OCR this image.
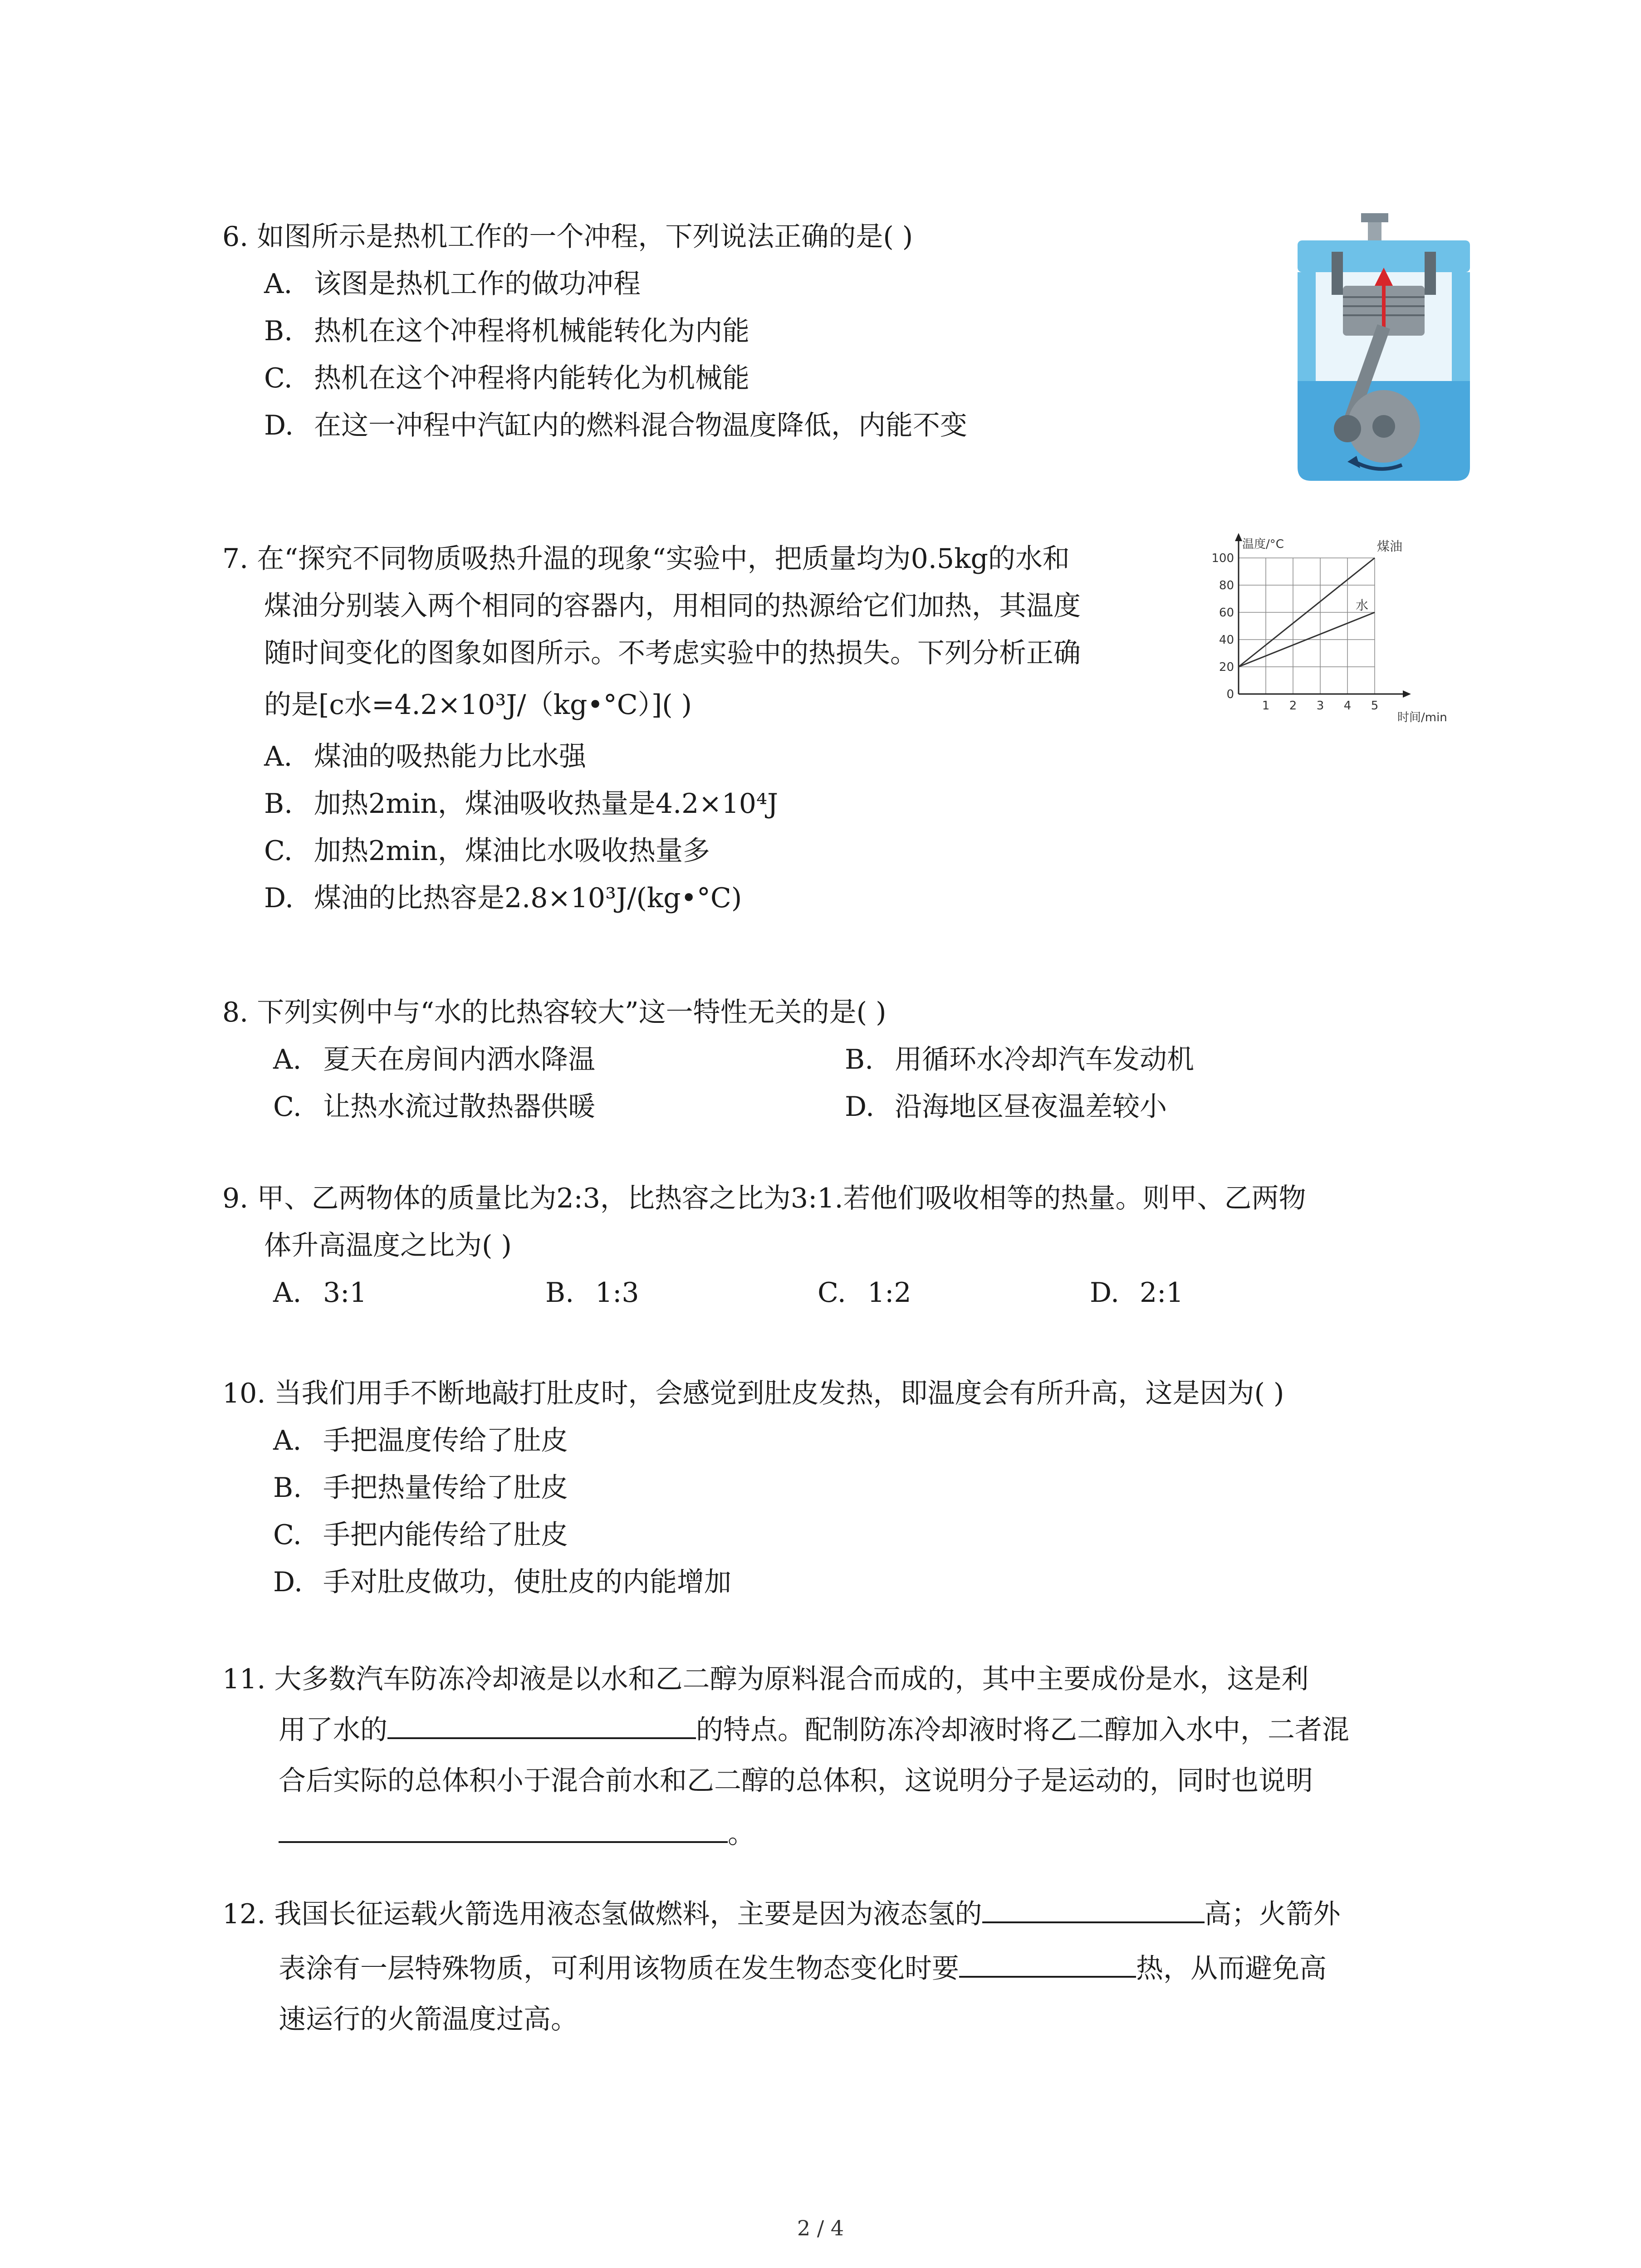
6. 如图所示是热机工作的一个冲程，下列说法正确的是( )
A. 该图是热机工作的做功冲程
B. 热机在这个冲程将机械能转化为内能
C. 热机在这个冲程将内能转化为机械能
D. 在这一冲程中汽缸内的燃料混合物温度降低，内能不变
7. 在“探究不同物质吸热升温的现象“实验中，把质量均为0.5kg的水和
煤油分别装入两个相同的容器内，用相同的热源给它们加热，其温度
随时间变化的图象如图所示。不考虑实验中的热损失。下列分析正确
的是[c水=4.2×10³J/（kg•°C）]( )
A. 煤油的吸热能力比水强
B. 加热2min，煤油吸收热量是4.2×10⁴J
C. 加热2min，煤油比水吸收热量多
D. 煤油的比热容是2.8×10³J/(kg•°C)
1 2 3 4 5
0
20
40
60
80
100
煤油
水
温度/°C
时间/min
8. 下列实例中与“水的比热容较大”这一特性无关的是( )
A. 夏天在房间内洒水降温	B. 用循环水冷却汽车发动机
C. 让热水流过散热器供暖	D. 沿海地区昼夜温差较小
9. 甲、乙两物体的质量比为2:3，比热容之比为3:1.若他们吸收相等的热量。则甲、乙两物
体升高温度之比为( )
A. 3:1	B. 1:3	C. 1:2	D. 2:1
10. 当我们用手不断地敲打肚皮时，会感觉到肚皮发热，即温度会有所升高，这是因为( )
A. 手把温度传给了肚皮
B. 手把热量传给了肚皮
C. 手把内能传给了肚皮
D. 手对肚皮做功，使肚皮的内能增加
11. 大多数汽车防冻冷却液是以水和乙二醇为原料混合而成的，其中主要成份是水，这是利
用了水的	的特点。配制防冻冷却液时将乙二醇加入水中，二者混
合后实际的总体积小于混合前水和乙二醇的总体积，这说明分子是运动的，同时也说明
。
12. 我国长征运载火箭选用液态氢做燃料，主要是因为液态氢的	高；火箭外
表涂有一层特殊物质，可利用该物质在发生物态变化时要	热，从而避免高
速运行的火箭温度过高。
2 / 4
